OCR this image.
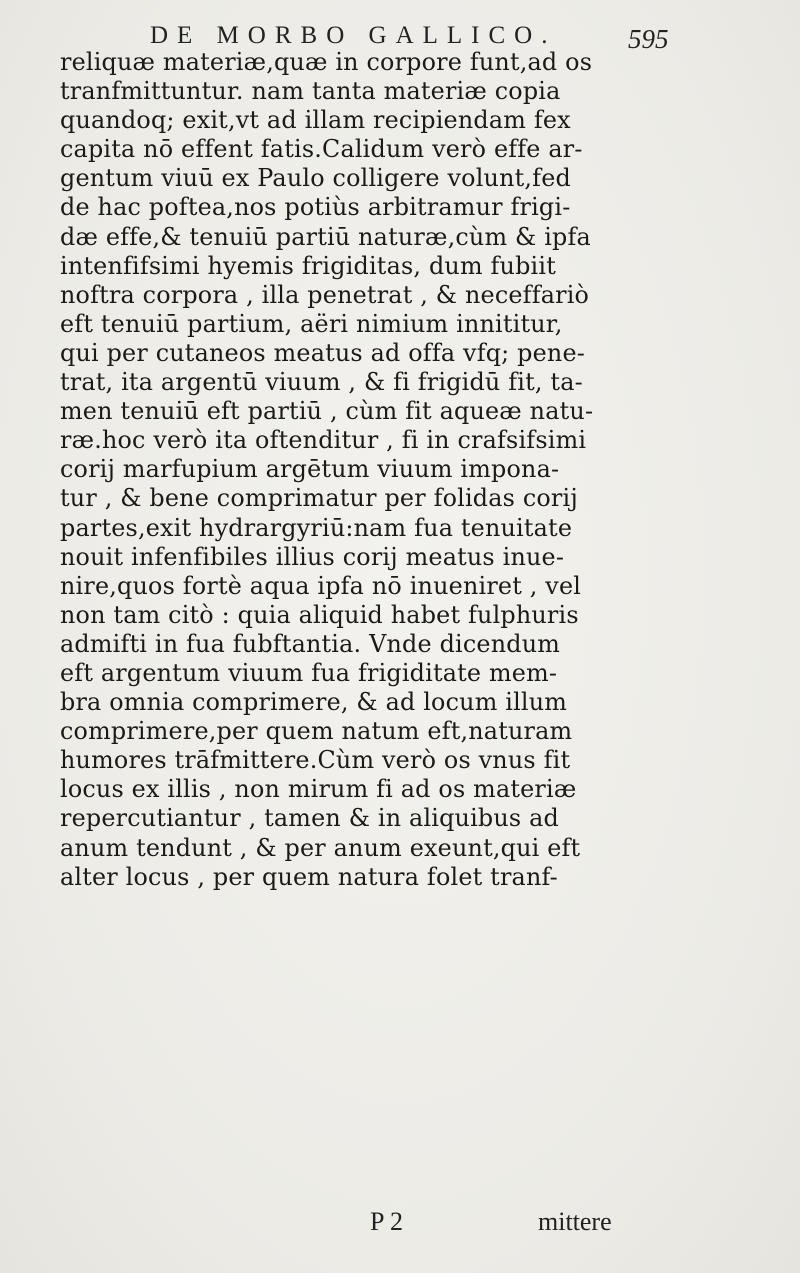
DE MORBO GALLICO.	595
reliquæ materiæ,quæ in corpore funt,ad os
tranfmittuntur. nam tanta materiæ copia
quandoq; exit,vt ad illam recipiendam fex
capita nō effent fatis.Calidum verò effe ar-
gentum viuū ex Paulo colligere volunt,fed
de hac poftea,nos potiùs arbitramur frigi-
dæ effe,& tenuiū partiū naturæ,cùm & ipfa
intenfifsimi hyemis frigiditas, dum fubiit
noftra corpora , illa penetrat , & neceffariò
eft tenuiū partium, aëri nimium innititur,
qui per cutaneos meatus ad offa vfq; pene-
trat, ita argentū viuum , & fi frigidū fit, ta-
men tenuiū eft partiū , cùm fit aqueæ natu-
ræ.hoc verò ita oftenditur , fi in crafsifsimi
corij marfupium argētum viuum impona-
tur , & bene comprimatur per folidas corij
partes,exit hydrargyriū:nam fua tenuitate
nouit infenfibiles illius corij meatus inue-
nire,quos fortè aqua ipfa nō inueniret , vel
non tam citò : quia aliquid habet fulphuris
admifti in fua fubftantia. Vnde dicendum
eft argentum viuum fua frigiditate mem-
bra omnia comprimere, & ad locum illum
comprimere,per quem natum eft,naturam
humores trāfmittere.Cùm verò os vnus fit
locus ex illis , non mirum fi ad os materiæ
repercutiantur , tamen & in aliquibus ad
anum tendunt , & per anum exeunt,qui eft
alter locus , per quem natura folet tranf-
P 2	mittere
